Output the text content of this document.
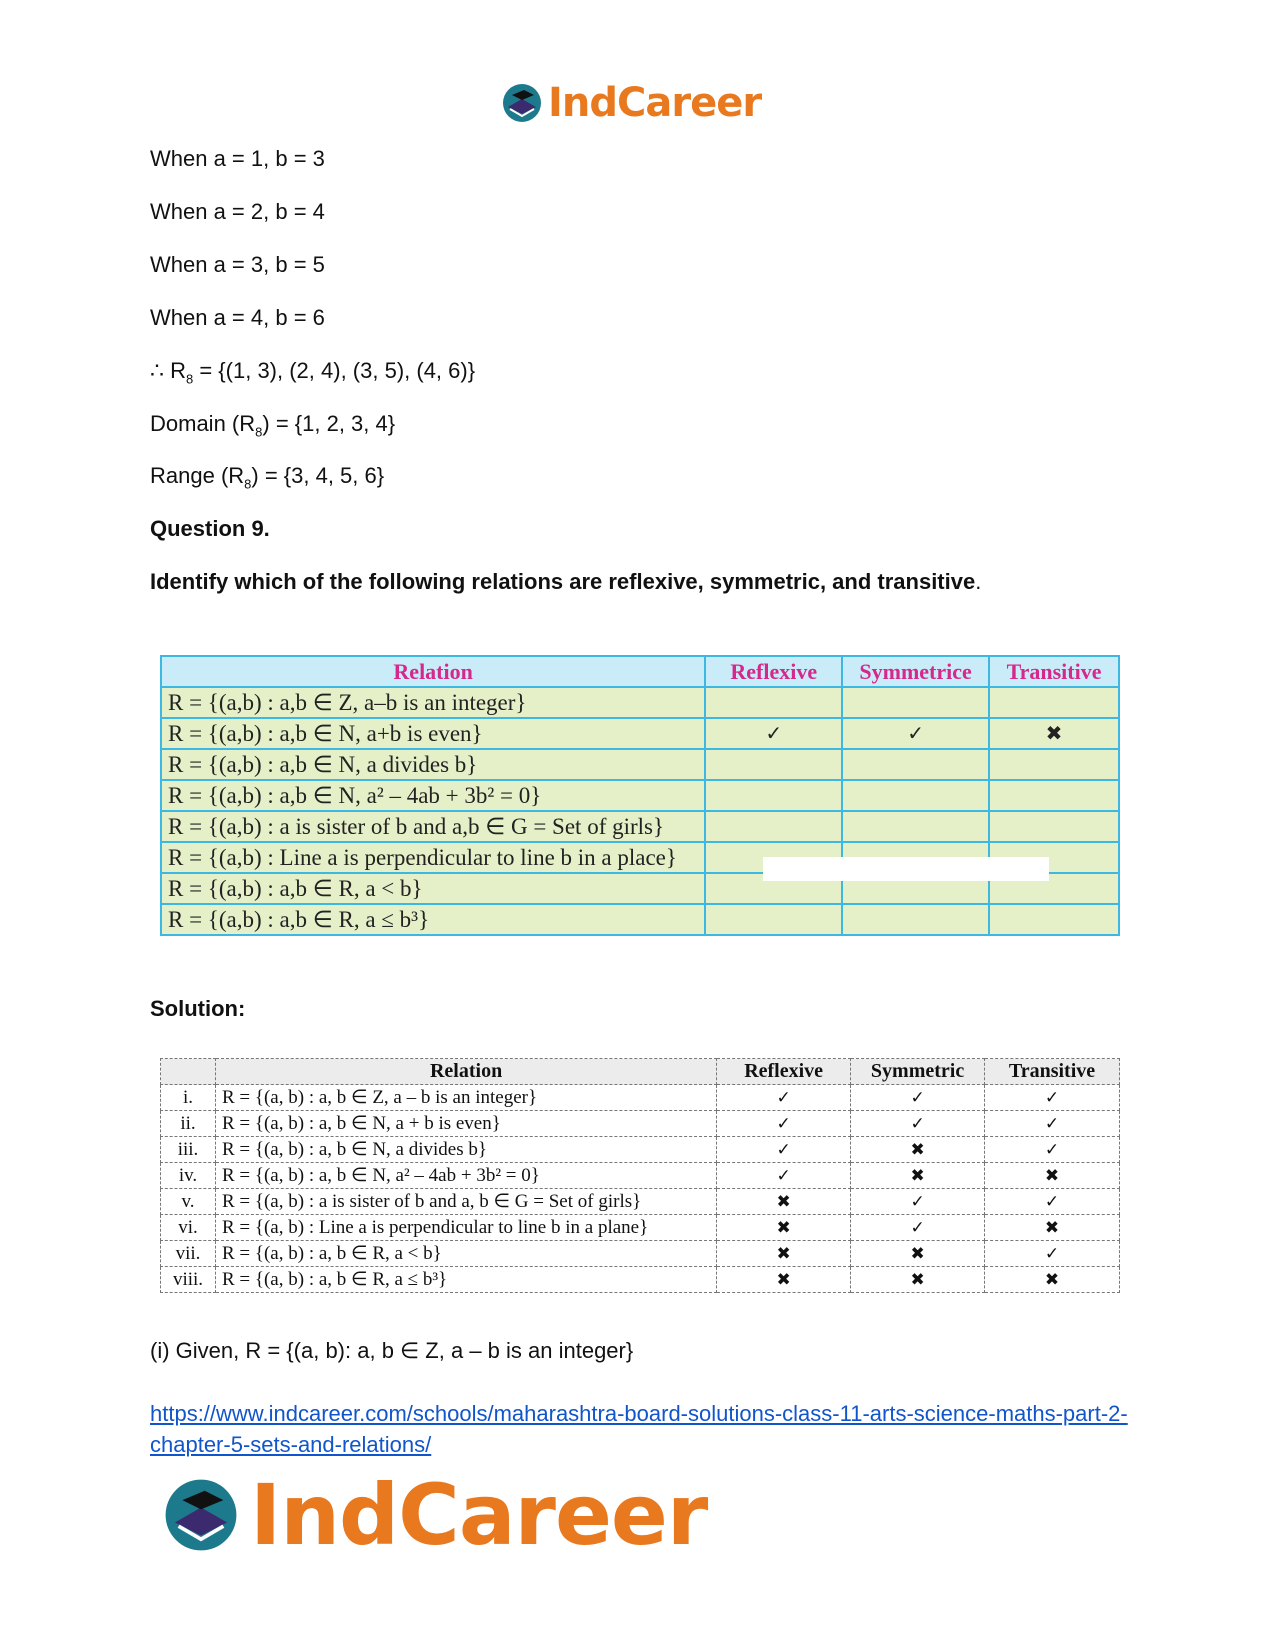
IndCareer
When a = 1, b = 3
When a = 2, b = 4
When a = 3, b = 5
When a = 4, b = 6
∴ $R_8 = \{(1$, 3), (2, 4), (3, 5), (4, 6)}
Domain $(R_8) = \{1$, 2, 3, 4}
Range $(R_8) = \{3$, 4, 5, 6}
Question 9.
Identify which of the following relations are reflexive, symmetric, and transitive.
Solution:
(i) Given, R = {(a, b): a, b ∈ Z, a – b is an integer}
Relation	Reflexive	Symmetrice	Transitive
R = {(a,b) : a,b ∈ Z, a–b is an integer}			
R = {(a,b) : a,b ∈ N, a+b is even}	✓	✓	✖
R = {(a,b) : a,b ∈ N, a divides b}			
R = {(a,b) : a,b ∈ N, a² – 4ab + 3b² = 0}			
R = {(a,b) : a is sister of b and a,b ∈ G = Set of girls}			
R = {(a,b) : Line a is perpendicular to line b in a place}			
R = {(a,b) : a,b ∈ R, a < b}			
R = {(a,b) : a,b ∈ R, a ≤ b³}			
	Relation	Reflexive	Symmetric	Transitive
i.	R = {(a, b) : a, b ∈ Z, a – b is an integer}	✓	✓	✓
ii.	R = {(a, b) : a, b ∈ N, a + b is even}	✓	✓	✓
iii.	R = {(a, b) : a, b ∈ N, a divides b}	✓	✖	✓
iv.	R = {(a, b) : a, b ∈ N, a² – 4ab + 3b² = 0}	✓	✖	✖
v.	R = {(a, b) : a is sister of b and a, b ∈ G = Set of girls}	✖	✓	✓
vi.	R = {(a, b) : Line a is perpendicular to line b in a plane}	✖	✓	✖
vii.	R = {(a, b) : a, b ∈ R, a < b}	✖	✖	✓
viii.	R = {(a, b) : a, b ∈ R, a ≤ b³}	✖	✖	✖
https://www.indcareer.com/schools/maharashtra-board-solutions-class-11-arts-science-maths-part-2-chapter-5-sets-and-relations/
IndCareer
